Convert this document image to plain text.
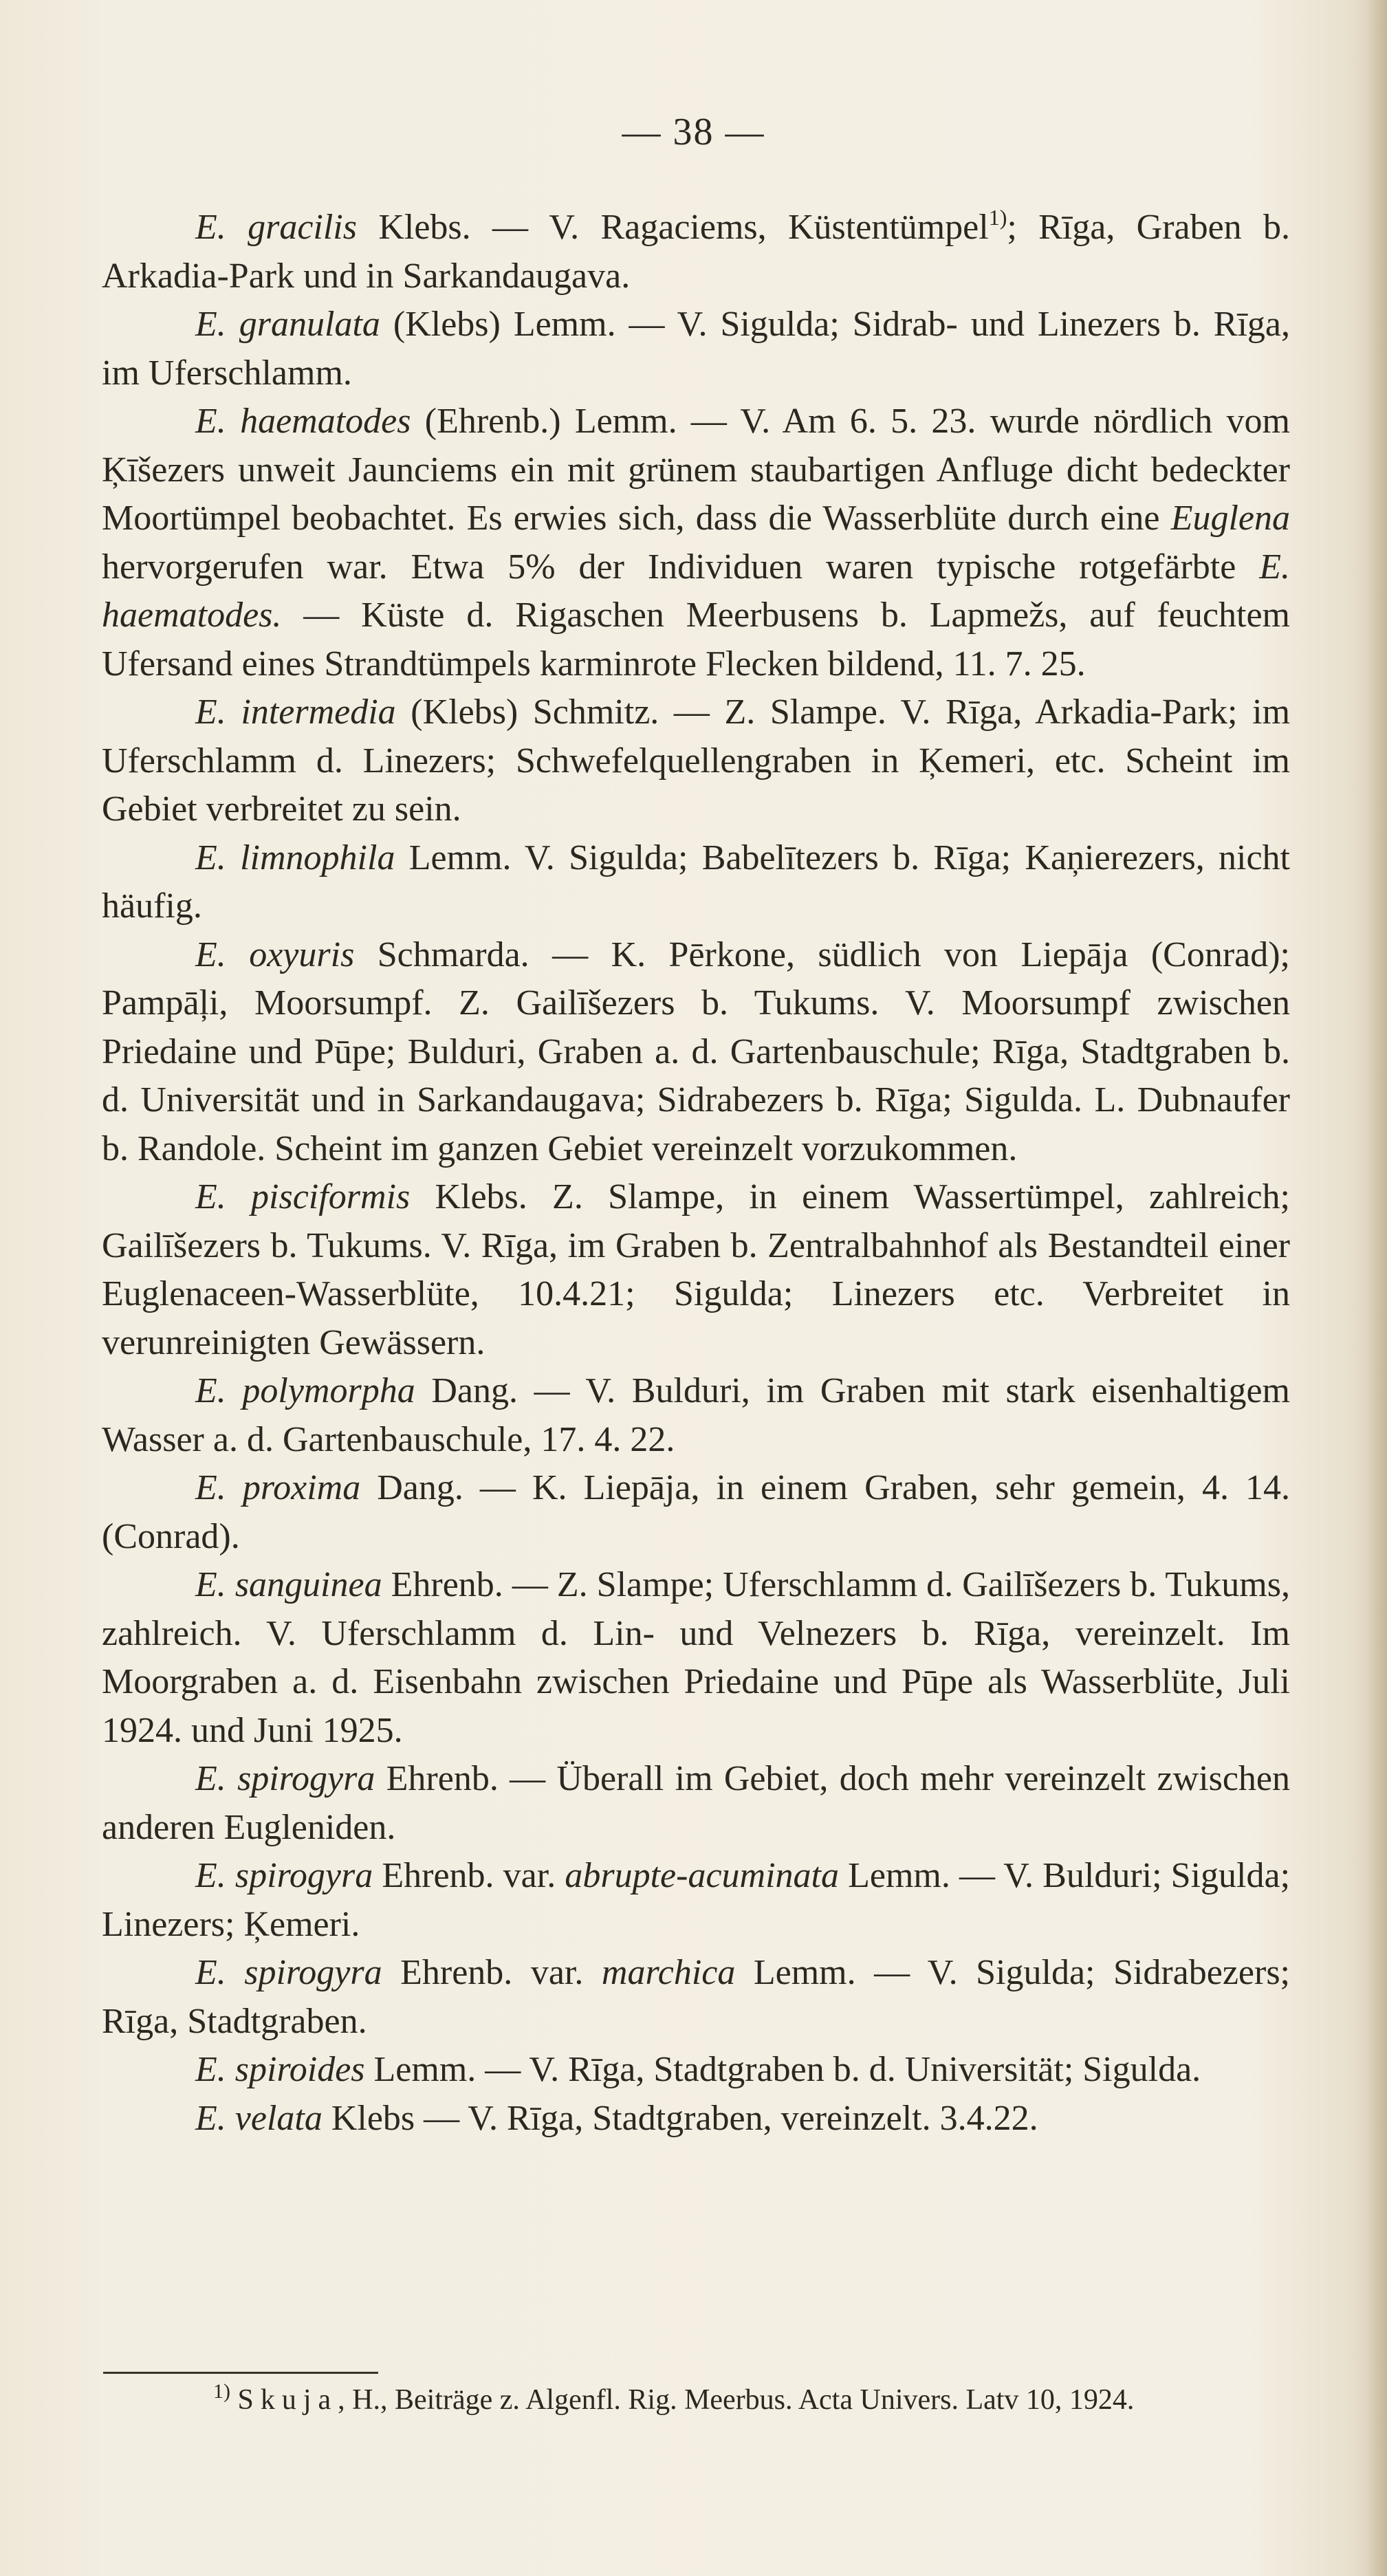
— 38 —

E. gracilis Klebs. — V. Ragaciems, Küstentümpel$^{1)}$; Rīga, Graben b. Arkadia-Park und in Sarkandaugava.

E. granulata (Klebs) Lemm. — V. Sigulda; Sidrab- und Linezers b. Rīga, im Uferschlamm.

E. haematodes (Ehrenb.) Lemm. — V. Am 6. 5. 23. wurde nördlich vom Ķīšezers unweit Jaunciems ein mit grünem staubartigen Anfluge dicht bedeckter Moortümpel beobachtet. Es erwies sich, dass die Wasserblüte durch eine Euglena hervorgerufen war. Etwa 5% der Individuen waren typische rotgefärbte E. haematodes. — Küste d. Rigaschen Meerbusens b. Lapmežs, auf feuchtem Ufersand eines Strandtümpels karminrote Flecken bildend, 11. 7. 25.

E. intermedia (Klebs) Schmitz. — Z. Slampe. V. Rīga, Arkadia-Park; im Uferschlamm d. Linezers; Schwefelquellengraben in Ķemeri, etc. Scheint im Gebiet verbreitet zu sein.

E. limnophila Lemm. V. Sigulda; Babelītezers b. Rīga; Kaņierezers, nicht häufig.

E. oxyuris Schmarda. — K. Pērkone, südlich von Liepāja (Conrad); Pampāļi, Moorsumpf. Z. Gailīšezers b. Tukums. V. Moorsumpf zwischen Priedaine und Pūpe; Bulduri, Graben a. d. Gartenbauschule; Rīga, Stadtgraben b. d. Universität und in Sarkandaugava; Sidrabezers b. Rīga; Sigulda. L. Dubnaufer b. Randole. Scheint im ganzen Gebiet vereinzelt vorzukommen.

E. pisciformis Klebs. Z. Slampe, in einem Wassertümpel, zahlreich; Gailīšezers b. Tukums. V. Rīga, im Graben b. Zentralbahnhof als Bestandteil einer Euglenaceen-Wasserblüte, 10.4.21; Sigulda; Linezers etc. Verbreitet in verunreinigten Gewässern.

E. polymorpha Dang. — V. Bulduri, im Graben mit stark eisenhaltigem Wasser a. d. Gartenbauschule, 17. 4. 22.

E. proxima Dang. — K. Liepāja, in einem Graben, sehr gemein, 4. 14. (Conrad).

E. sanguinea Ehrenb. — Z. Slampe; Uferschlamm d. Gailīšezers b. Tukums, zahlreich. V. Uferschlamm d. Lin- und Velnezers b. Rīga, vereinzelt. Im Moorgraben a. d. Eisenbahn zwischen Priedaine und Pūpe als Wasserblüte, Juli 1924. und Juni 1925.

E. spirogyra Ehrenb. — Überall im Gebiet, doch mehr vereinzelt zwischen anderen Eugleniden.

E. spirogyra Ehrenb. var. abrupte-acuminata Lemm. — V. Bulduri; Sigulda; Linezers; Ķemeri.

E. spirogyra Ehrenb. var. marchica Lemm. — V. Sigulda; Sidrabezers; Rīga, Stadtgraben.

E. spiroides Lemm. — V. Rīga, Stadtgraben b. d. Universität; Sigulda.

E. velata Klebs — V. Rīga, Stadtgraben, vereinzelt. 3.4.22.

$^{1)}$ Skuja, H., Beiträge z. Algenfl. Rig. Meerbus. Acta Univers. Latv 10, 1924.
